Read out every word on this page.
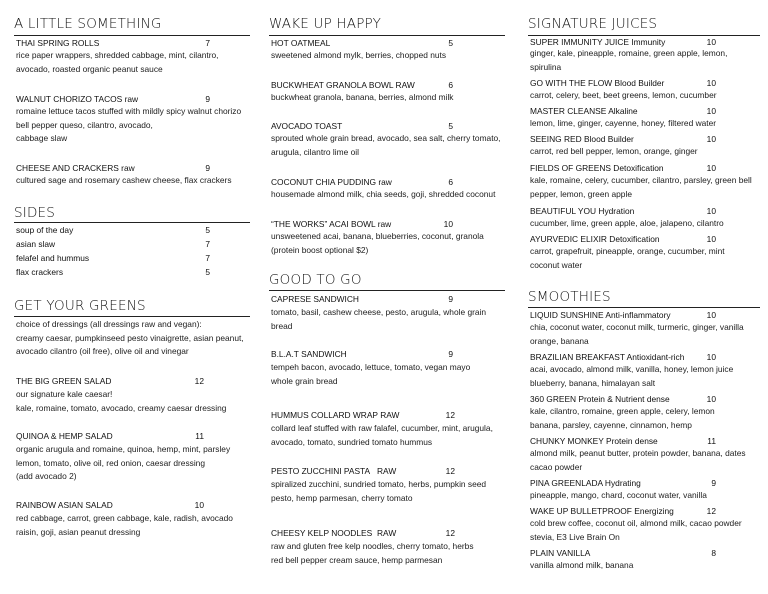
A LITTLE SOMETHING
THAI SPRING ROLLS	7
rice paper wrappers, shredded cabbage, mint, cilantro,
avocado, roasted organic peanut sauce
WALNUT CHORIZO TACOS raw	9
romaine lettuce tacos stuffed with mildly spicy walnut chorizo
bell pepper queso, cilantro, avocado,
cabbage slaw
CHEESE AND CRACKERS raw	9
cultured sage and rosemary cashew cheese, flax crackers
SIDES
soup of the day	5
asian slaw	7
felafel and hummus	7
flax crackers	5
GET YOUR GREENS
choice of dressings (all dressings raw and vegan):
creamy caesar, pumpkinseed pesto vinaigrette, asian peanut,
avocado cilantro (oil free), olive oil and vinegar
THE BIG GREEN SALAD	12
our signature kale caesar!
kale, romaine, tomato, avocado, creamy caesar dressing
QUINOA & HEMP SALAD	11
organic arugula and romaine, quinoa, hemp, mint, parsley
lemon, tomato, olive oil, red onion, caesar dressing
(add avocado 2)
RAINBOW ASIAN SALAD	10
red cabbage, carrot, green cabbage, kale, radish, avocado
raisin, goji, asian peanut dressing
WAKE UP HAPPY
HOT OATMEAL	5
sweetened almond mylk, berries, chopped nuts
BUCKWHEAT GRANOLA BOWL RAW	6
buckwheat granola, banana, berries, almond milk
AVOCADO TOAST	5
sprouted whole grain bread, avocado, sea salt, cherry tomato,
arugula, cilantro lime oil
COCONUT CHIA PUDDING raw	6
housemade almond milk, chia seeds, goji, shredded coconut
“THE WORKS” ACAI BOWL raw	10
unsweetened acai, banana, blueberries, coconut, granola
(protein boost optional $2)
GOOD TO GO
CAPRESE SANDWICH	9
tomato, basil, cashew cheese, pesto, arugula, whole grain
bread
B.L.A.T SANDWICH	9
tempeh bacon, avocado, lettuce, tomato, vegan mayo
whole grain bread
HUMMUS COLLARD WRAP RAW	12
collard leaf stuffed with raw falafel, cucumber, mint, arugula,
avocado, tomato, sundried tomato hummus
PESTO ZUCCHINI PASTA RAW	12
spiralized zucchini, sundried tomato, herbs, pumpkin seed
pesto, hemp parmesan, cherry tomato
CHEESY KELP NOODLES RAW	12
raw and gluten free kelp noodles, cherry tomato, herbs
red bell pepper cream sauce, hemp parmesan
SIGNATURE JUICES
SUPER IMMUNITY JUICE Immunity	10
ginger, kale, pineapple, romaine, green apple, lemon,
spirulina
GO WITH THE FLOW Blood Builder	10
carrot, celery, beet, beet greens, lemon, cucumber
MASTER CLEANSE Alkaline	10
lemon, lime, ginger, cayenne, honey, filtered water
SEEING RED Blood Builder	10
carrot, red bell pepper, lemon, orange, ginger
FIELDS OF GREENS Detoxification	10
kale, romaine, celery, cucumber, cilantro, parsley, green bell
pepper, lemon, green apple
BEAUTIFUL YOU Hydration	10
cucumber, lime, green apple, aloe, jalapeno, cilantro
AYURVEDIC ELIXIR Detoxification	10
carrot, grapefruit, pineapple, orange, cucumber, mint
coconut water
SMOOTHIES
LIQUID SUNSHINE Anti-inflammatory	10
chia, coconut water, coconut milk, turmeric, ginger, vanilla
orange, banana
BRAZILIAN BREAKFAST Antioxidant-rich	10
acai, avocado, almond milk, vanilla, honey, lemon juice
blueberry, banana, himalayan salt
360 GREEN Protein & Nutrient dense	10
kale, cilantro, romaine, green apple, celery, lemon
banana, parsley, cayenne, cinnamon, hemp
CHUNKY MONKEY Protein dense	11
almond milk, peanut butter, protein powder, banana, dates
cacao powder
PINA GREENLADA Hydrating	9
pineapple, mango, chard, coconut water, vanilla
WAKE UP BULLETPROOF Energizing	12
cold brew coffee, coconut oil, almond milk, cacao powder
stevia, E3 Live Brain On
PLAIN VANILLA	8
vanilla almond milk, banana
